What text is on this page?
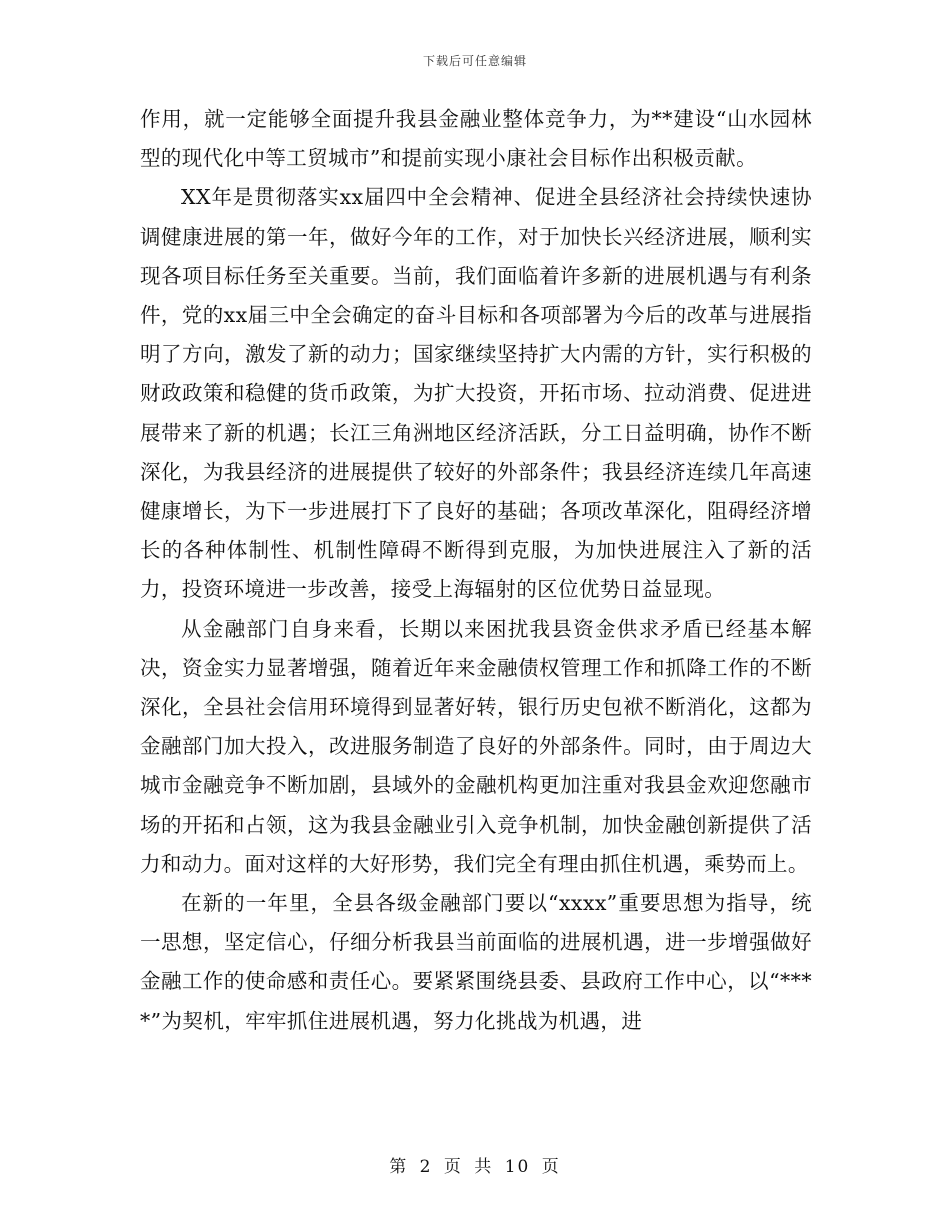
下载后可任意编辑

作用，就一定能够全面提升我县金融业整体竞争力，为**建设“山水园林型的现代化中等工贸城市”和提前实现小康社会目标作出积极贡献。

XX年是贯彻落实xx届四中全会精神、促进全县经济社会持续快速协调健康进展的第一年，做好今年的工作，对于加快长兴经济进展，顺利实现各项目标任务至关重要。当前，我们面临着许多新的进展机遇与有利条件，党的xx届三中全会确定的奋斗目标和各项部署为今后的改革与进展指明了方向，激发了新的动力；国家继续坚持扩大内需的方针，实行积极的财政政策和稳健的货币政策，为扩大投资，开拓市场、拉动消费、促进进展带来了新的机遇；长江三角洲地区经济活跃，分工日益明确，协作不断深化，为我县经济的进展提供了较好的外部条件；我县经济连续几年高速健康增长，为下一步进展打下了良好的基础；各项改革深化，阻碍经济增长的各种体制性、机制性障碍不断得到克服，为加快进展注入了新的活力，投资环境进一步改善，接受上海辐射的区位优势日益显现。

从金融部门自身来看，长期以来困扰我县资金供求矛盾已经基本解决，资金实力显著增强，随着近年来金融债权管理工作和抓降工作的不断深化，全县社会信用环境得到显著好转，银行历史包袱不断消化，这都为金融部门加大投入，改进服务制造了良好的外部条件。同时，由于周边大城市金融竞争不断加剧，县域外的金融机构更加注重对我县金欢迎您融市场的开拓和占领，这为我县金融业引入竞争机制，加快金融创新提供了活力和动力。面对这样的大好形势，我们完全有理由抓住机遇，乘势而上。

在新的一年里，全县各级金融部门要以“xxxx”重要思想为指导，统一思想，坚定信心，仔细分析我县当前面临的进展机遇，进一步增强做好金融工作的使命感和责任心。要紧紧围绕县委、县政府工作中心，以“****”为契机，牢牢抓住进展机遇，努力化挑战为机遇，进

第 2 页 共 10 页
